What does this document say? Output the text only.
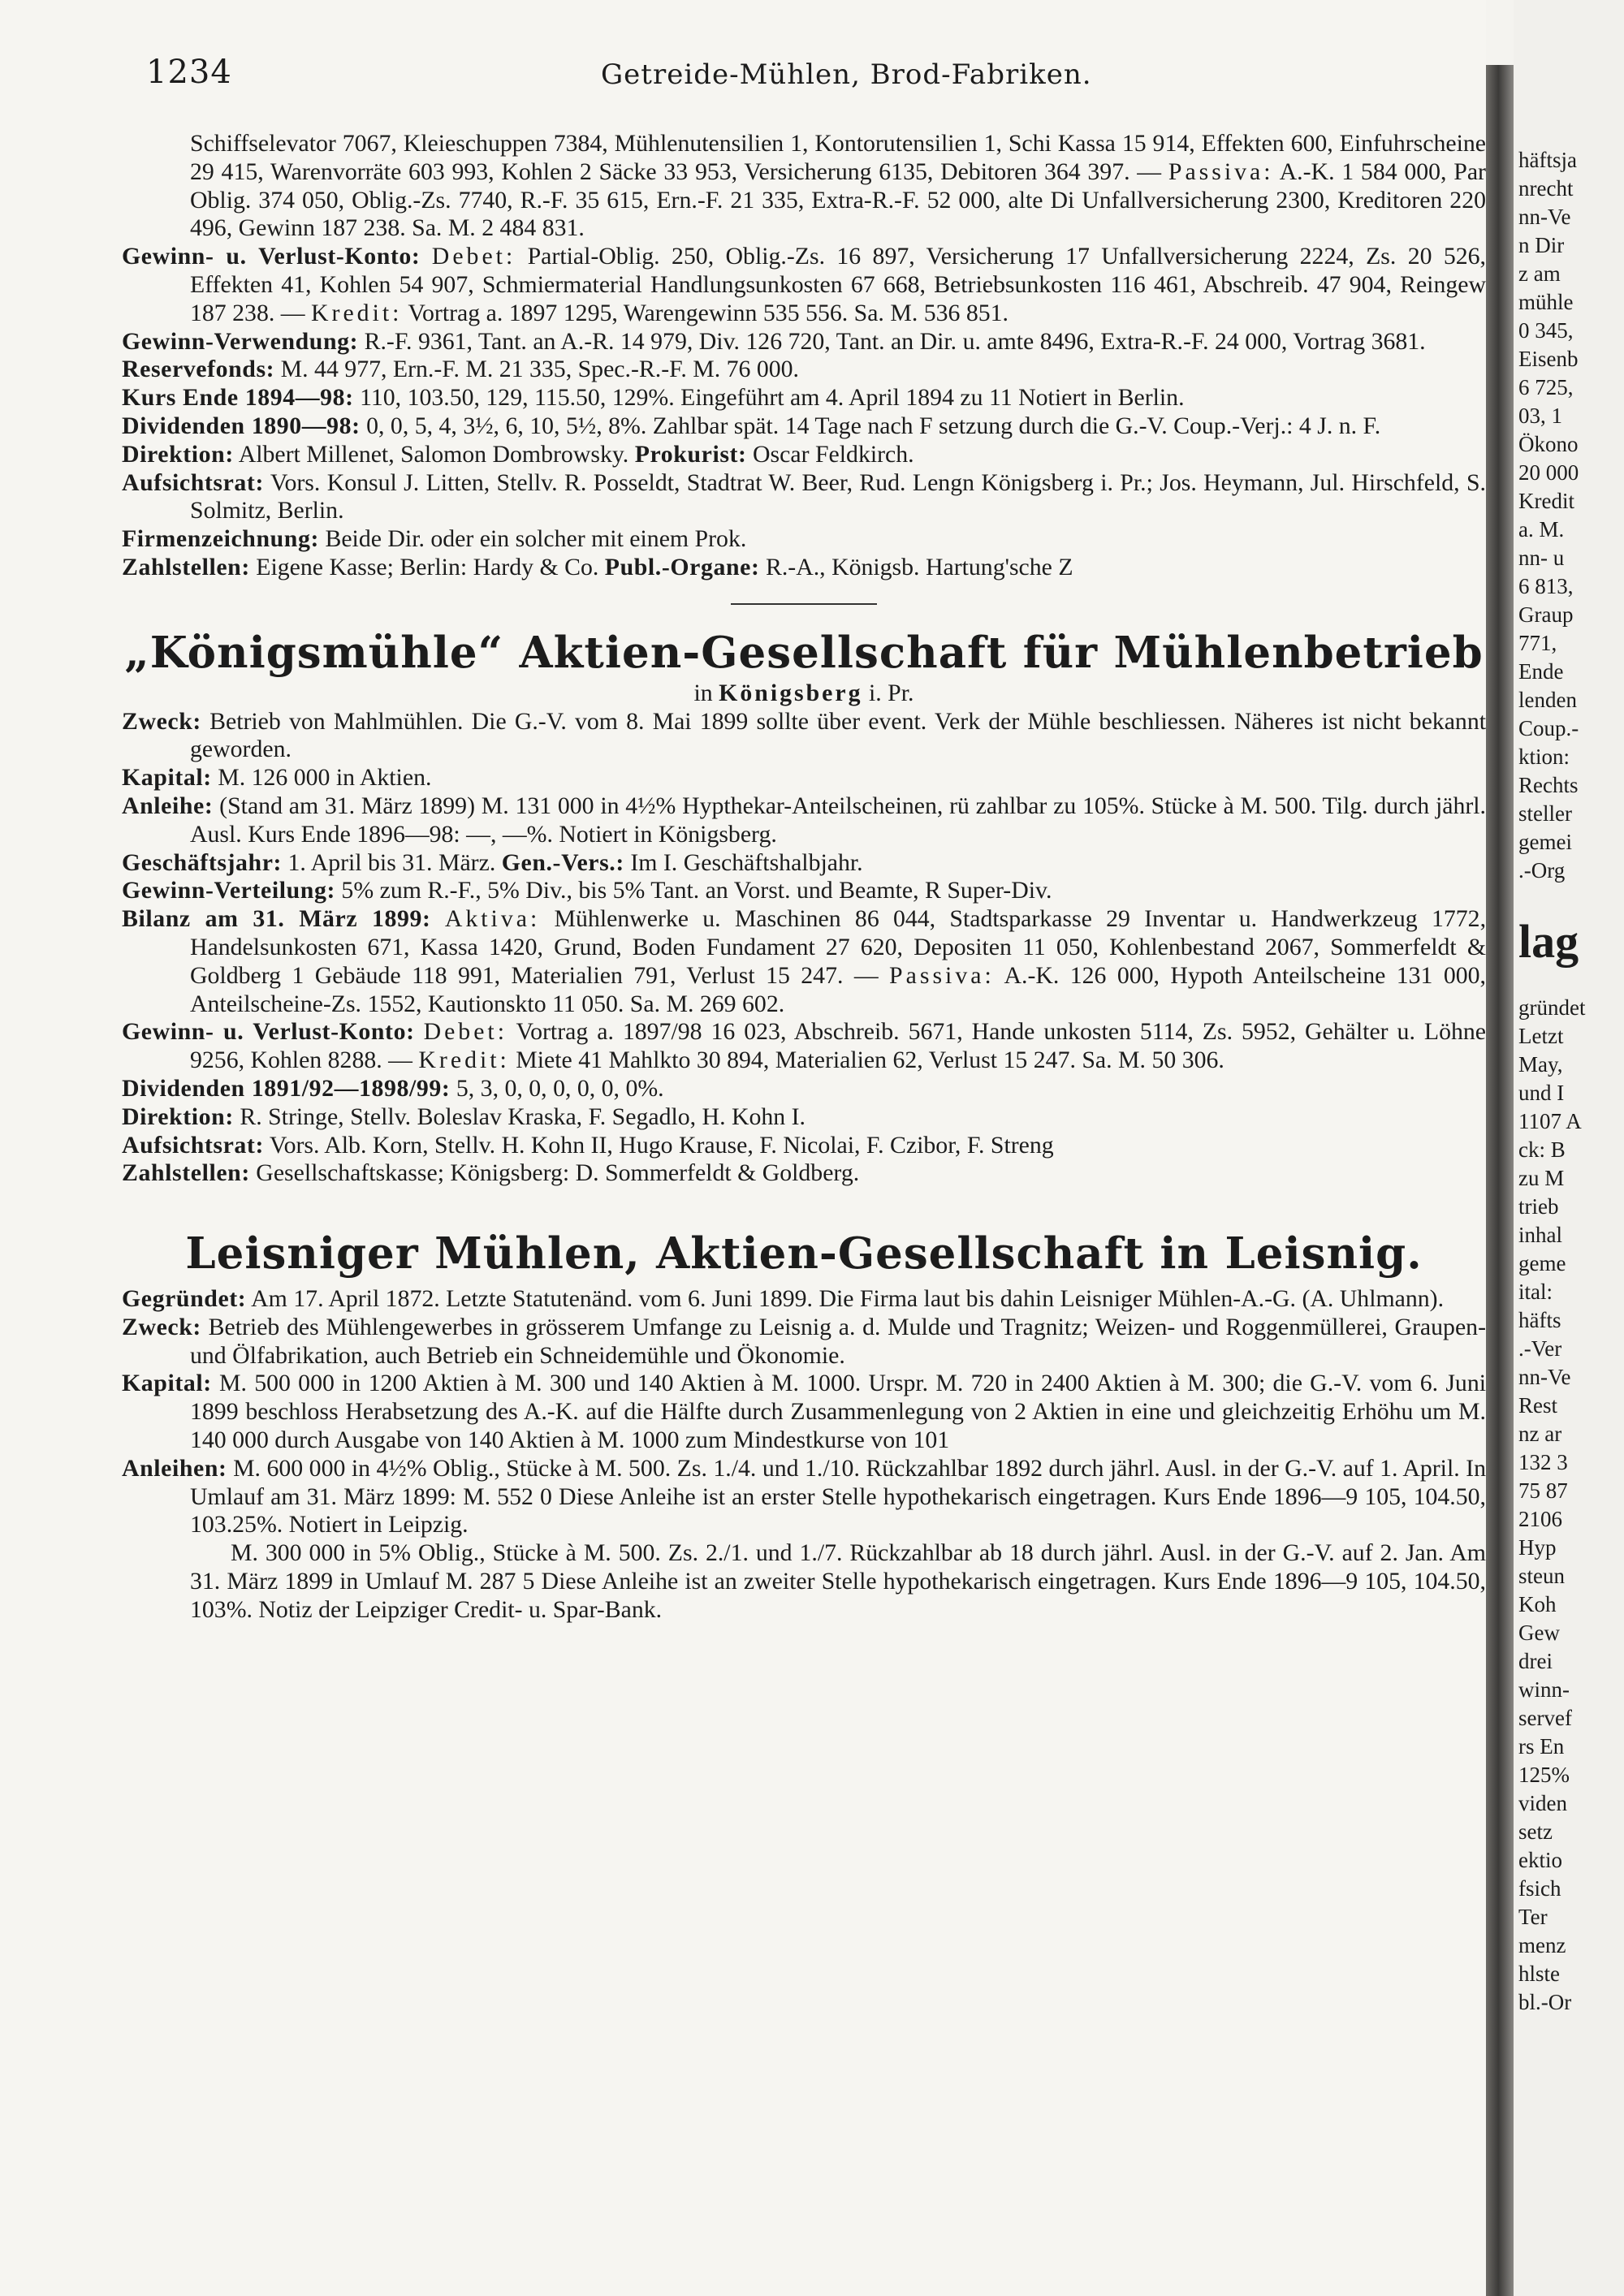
1234	Getreide-Mühlen, Brod-Fabriken.

Schiffselevator 7067, Kleieschuppen 7384, Mühlenutensilien 1, Kontorutensilien 1, Schi Kassa 15 914, Effekten 600, Einfuhrscheine 29 415, Warenvorräte 603 993, Kohlen 2 Säcke 33 953, Versicherung 6135, Debitoren 364 397. — Passiva: A.-K. 1 584 000, Par Oblig. 374 050, Oblig.-Zs. 7740, R.-F. 35 615, Ern.-F. 21 335, Extra-R.-F. 52 000, alte Di Unfallversicherung 2300, Kreditoren 220 496, Gewinn 187 238. Sa. M. 2 484 831.

Gewinn- u. Verlust-Konto: Debet: Partial-Oblig. 250, Oblig.-Zs. 16 897, Versicherung 17 Unfallversicherung 2224, Zs. 20 526, Effekten 41, Kohlen 54 907, Schmiermaterial Handlungsunkosten 67 668, Betriebsunkosten 116 461, Abschreib. 47 904, Reingew 187 238. — Kredit: Vortrag a. 1897 1295, Warengewinn 535 556. Sa. M. 536 851.

Gewinn-Verwendung: R.-F. 9361, Tant. an A.-R. 14 979, Div. 126 720, Tant. an Dir. u. amte 8496, Extra-R.-F. 24 000, Vortrag 3681.

Reservefonds: M. 44 977, Ern.-F. M. 21 335, Spec.-R.-F. M. 76 000.

Kurs Ende 1894—98: 110, 103.50, 129, 115.50, 129%. Eingeführt am 4. April 1894 zu 11 Notiert in Berlin.

Dividenden 1890—98: 0, 0, 5, 4, 3½, 6, 10, 5½, 8%. Zahlbar spät. 14 Tage nach F setzung durch die G.-V. Coup.-Verj.: 4 J. n. F.

Direktion: Albert Millenet, Salomon Dombrowsky. Prokurist: Oscar Feldkirch.

Aufsichtsrat: Vors. Konsul J. Litten, Stellv. R. Posseldt, Stadtrat W. Beer, Rud. Lengn Königsberg i. Pr.; Jos. Heymann, Jul. Hirschfeld, S. Solmitz, Berlin.

Firmenzeichnung: Beide Dir. oder ein solcher mit einem Prok.

Zahlstellen: Eigene Kasse; Berlin: Hardy & Co. Publ.-Organe: R.-A., Königsb. Hartung'sche Z

„Königsmühle“ Aktien-Gesellschaft für Mühlenbetrieb

in Königsberg i. Pr.

Zweck: Betrieb von Mahlmühlen. Die G.-V. vom 8. Mai 1899 sollte über event. Verk der Mühle beschliessen. Näheres ist nicht bekannt geworden.

Kapital: M. 126 000 in Aktien.

Anleihe: (Stand am 31. März 1899) M. 131 000 in 4½% Hypthekar-Anteilscheinen, rü zahlbar zu 105%. Stücke à M. 500. Tilg. durch jährl. Ausl. Kurs Ende 1896—98: —, —%. Notiert in Königsberg.

Geschäftsjahr: 1. April bis 31. März. Gen.-Vers.: Im I. Geschäftshalbjahr.

Gewinn-Verteilung: 5% zum R.-F., 5% Div., bis 5% Tant. an Vorst. und Beamte, R Super-Div.

Bilanz am 31. März 1899: Aktiva: Mühlenwerke u. Maschinen 86 044, Stadtsparkasse 29 Inventar u. Handwerkzeug 1772, Handelsunkosten 671, Kassa 1420, Grund, Boden Fundament 27 620, Depositen 11 050, Kohlenbestand 2067, Sommerfeldt & Goldberg 1 Gebäude 118 991, Materialien 791, Verlust 15 247. — Passiva: A.-K. 126 000, Hypoth Anteilscheine 131 000, Anteilscheine-Zs. 1552, Kautionskto 11 050. Sa. M. 269 602.

Gewinn- u. Verlust-Konto: Debet: Vortrag a. 1897/98 16 023, Abschreib. 5671, Hande unkosten 5114, Zs. 5952, Gehälter u. Löhne 9256, Kohlen 8288. — Kredit: Miete 41 Mahlkto 30 894, Materialien 62, Verlust 15 247. Sa. M. 50 306.

Dividenden 1891/92—1898/99: 5, 3, 0, 0, 0, 0, 0, 0%.

Direktion: R. Stringe, Stellv. Boleslav Kraska, F. Segadlo, H. Kohn I.

Aufsichtsrat: Vors. Alb. Korn, Stellv. H. Kohn II, Hugo Krause, F. Nicolai, F. Czibor, F. Streng

Zahlstellen: Gesellschaftskasse; Königsberg: D. Sommerfeldt & Goldberg.

Leisniger Mühlen, Aktien-Gesellschaft in Leisnig.

Gegründet: Am 17. April 1872. Letzte Statutenänd. vom 6. Juni 1899. Die Firma laut bis dahin Leisniger Mühlen-A.-G. (A. Uhlmann).

Zweck: Betrieb des Mühlengewerbes in grösserem Umfange zu Leisnig a. d. Mulde und Tragnitz; Weizen- und Roggenmüllerei, Graupen- und Ölfabrikation, auch Betrieb ein Schneidemühle und Ökonomie.

Kapital: M. 500 000 in 1200 Aktien à M. 300 und 140 Aktien à M. 1000. Urspr. M. 720 in 2400 Aktien à M. 300; die G.-V. vom 6. Juni 1899 beschloss Herabsetzung des A.-K. auf die Hälfte durch Zusammenlegung von 2 Aktien in eine und gleichzeitig Erhöhu um M. 140 000 durch Ausgabe von 140 Aktien à M. 1000 zum Mindestkurse von 101

Anleihen: M. 600 000 in 4½% Oblig., Stücke à M. 500. Zs. 1./4. und 1./10. Rückzahlbar 1892 durch jährl. Ausl. in der G.-V. auf 1. April. In Umlauf am 31. März 1899: M. 552 0 Diese Anleihe ist an erster Stelle hypothekarisch eingetragen. Kurs Ende 1896—9 105, 104.50, 103.25%. Notiert in Leipzig.

M. 300 000 in 5% Oblig., Stücke à M. 500. Zs. 2./1. und 1./7. Rückzahlbar ab 18 durch jährl. Ausl. in der G.-V. auf 2. Jan. Am 31. März 1899 in Umlauf M. 287 5 Diese Anleihe ist an zweiter Stelle hypothekarisch eingetragen. Kurs Ende 1896—9 105, 104.50, 103%. Notiz der Leipziger Credit- u. Spar-Bank.

häftsja
nrecht
nn-Ve
n Dir
z am
mühle
0 345,
Eisenb
6 725,
03, 1
Ökono
20 000
Kredit
a. M.
nn- u
6 813,
Graup
771,
Ende
lenden
Coup.-
ktion:
Rechts
steller
gemei
.-Org
lag
gründet
Letzt
May,
und I
1107 A
ck: B
zu M
trieb
inhal
geme
ital:
häfts
.-Ver
nn-Ve
Rest
nz ar
132 3
75 87
2106
Hyp
steun
Koh
Gew
drei
winn-
servef
rs En
125%
viden
setz
ektio
fsich
Ter
menz
hlste
bl.-Or
